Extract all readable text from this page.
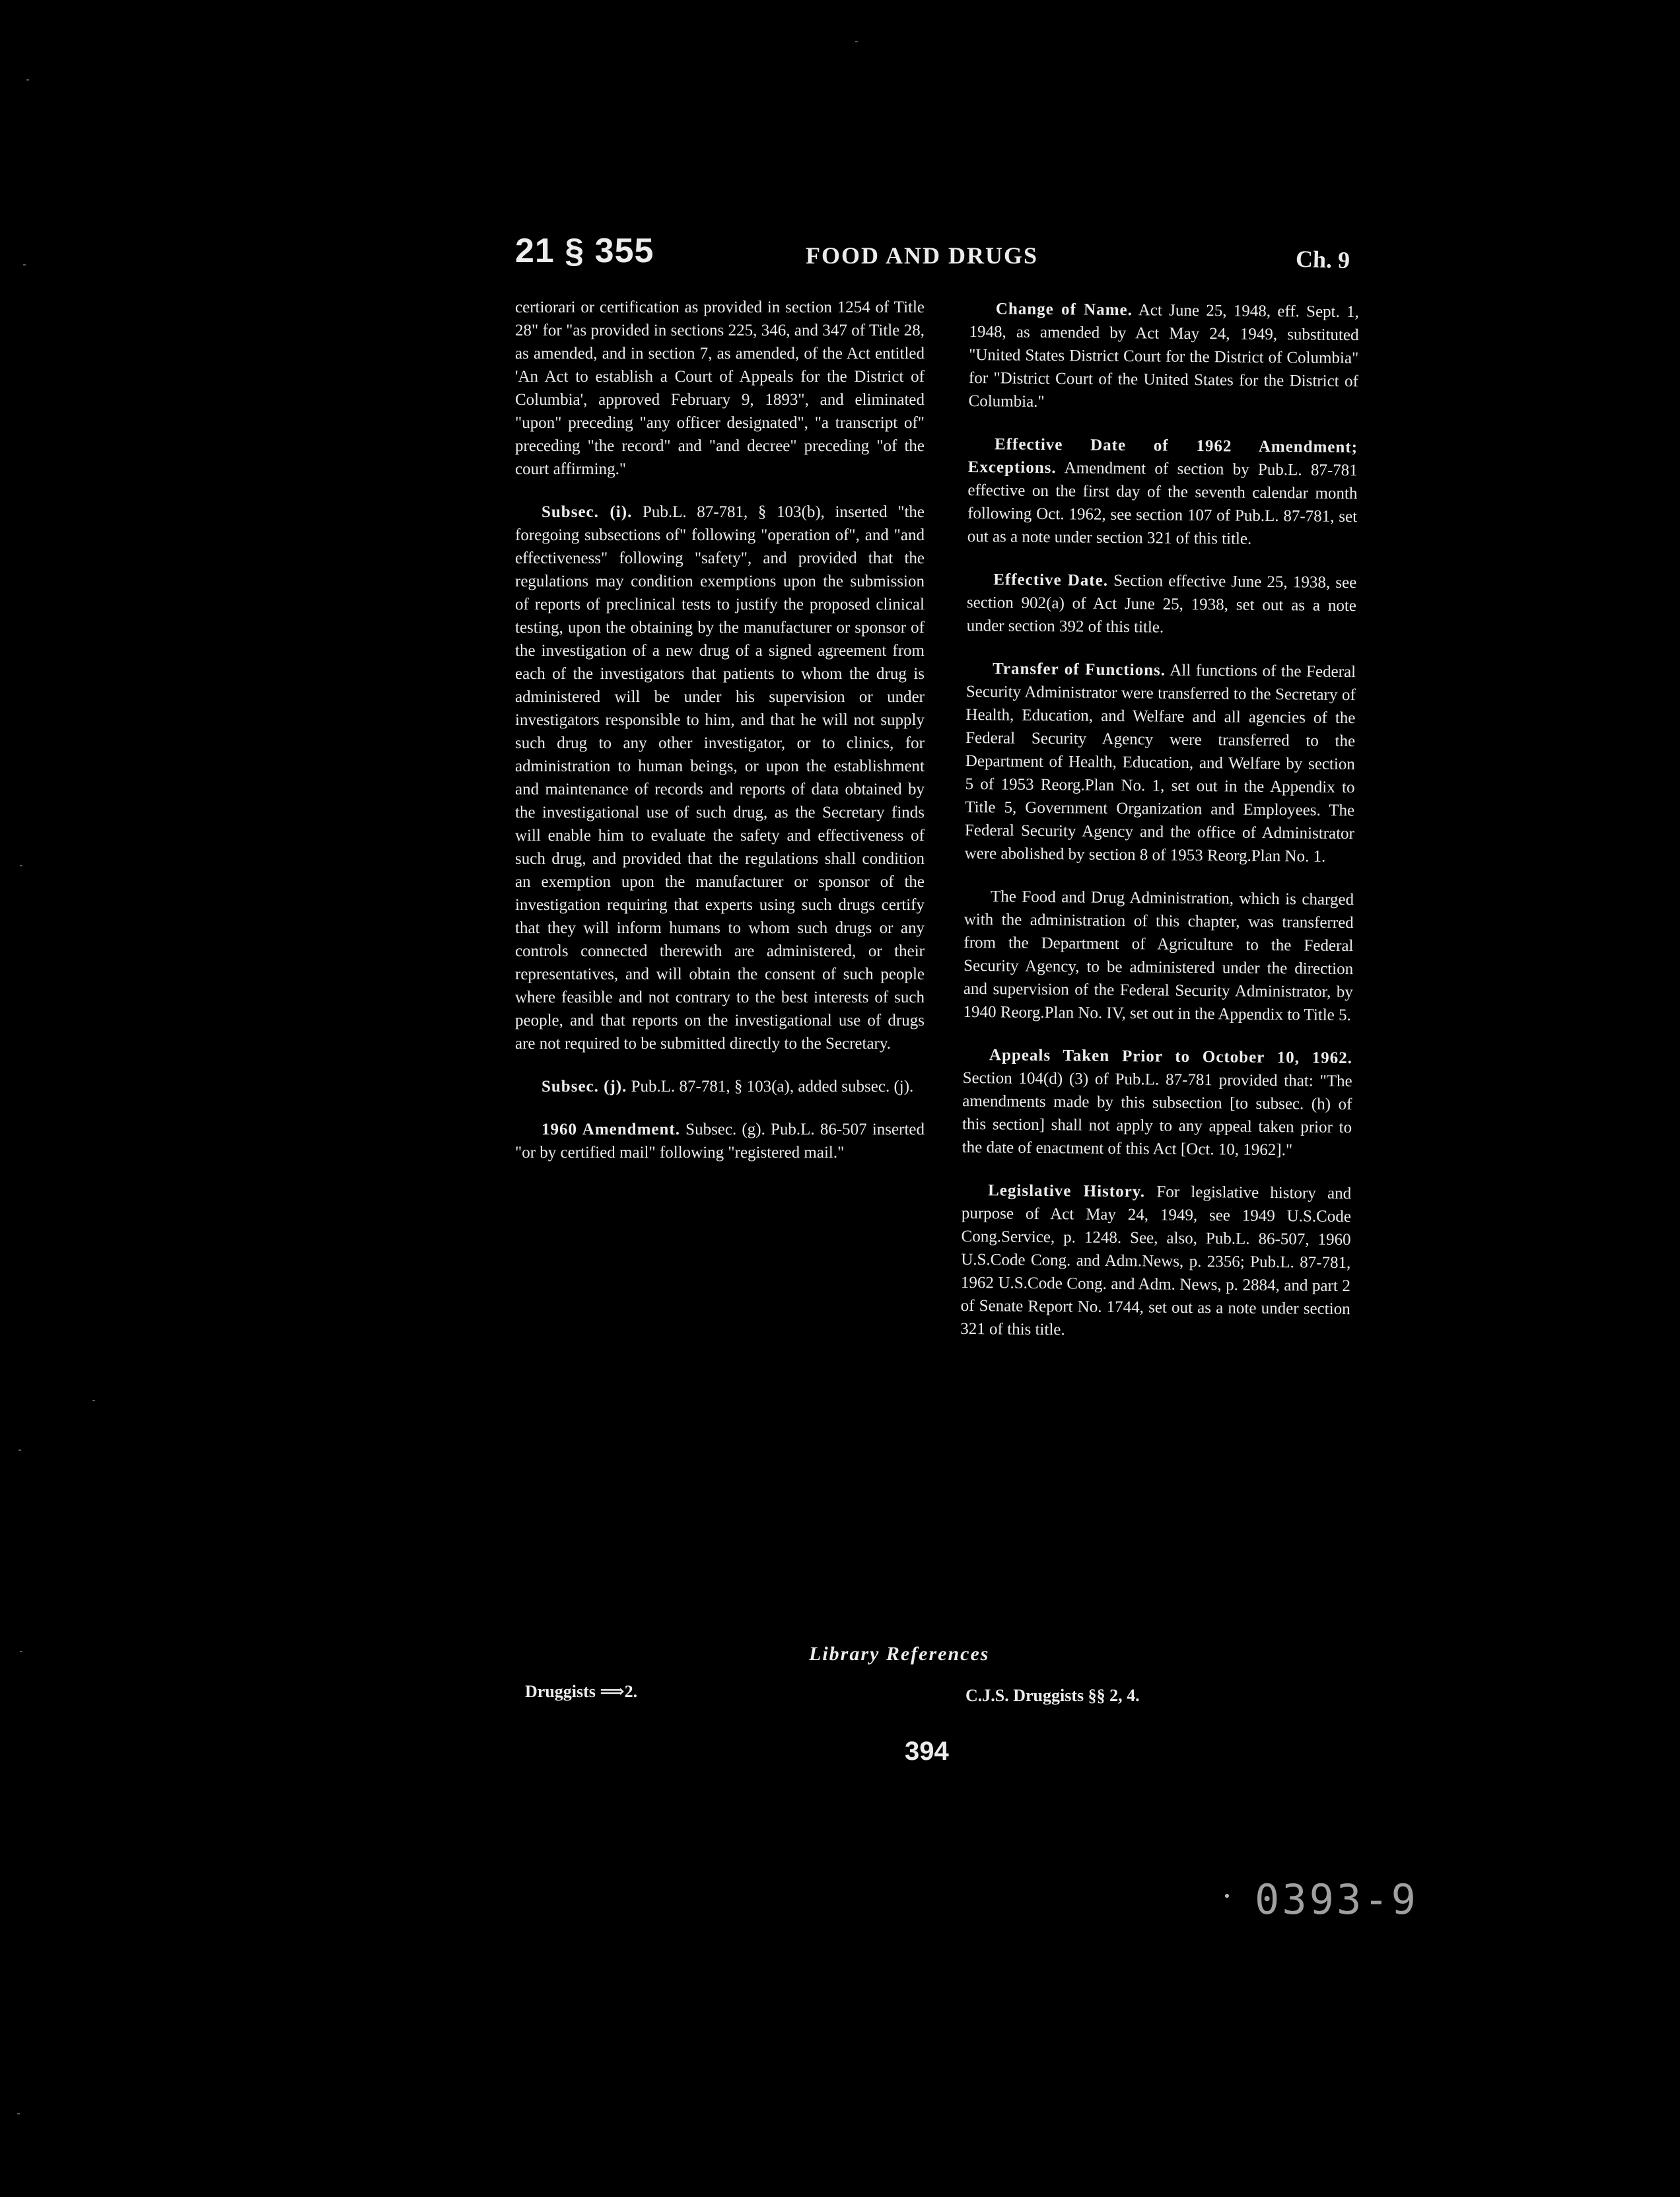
21 § 355	FOOD AND DRUGS	Ch. 9

certiorari or certification as provided in section 1254 of Title 28" for "as provided in sections 225, 346, and 347 of Title 28, as amended, and in section 7, as amended, of the Act entitled 'An Act to establish a Court of Appeals for the District of Columbia', approved February 9, 1893", and eliminated "upon" preceding "any officer designated", "a transcript of" preceding "the record" and "and decree" preceding "of the court affirming."

Subsec. (i). Pub.L. 87-781, § 103(b), inserted "the foregoing subsections of" following "operation of", and "and effectiveness" following "safety", and provided that the regulations may condition exemptions upon the submission of reports of preclinical tests to justify the proposed clinical testing, upon the obtaining by the manufacturer or sponsor of the investigation of a new drug of a signed agreement from each of the investigators that patients to whom the drug is administered will be under his supervision or under investigators responsible to him, and that he will not supply such drug to any other investigator, or to clinics, for administration to human beings, or upon the establishment and maintenance of records and reports of data obtained by the investigational use of such drug, as the Secretary finds will enable him to evaluate the safety and effectiveness of such drug, and provided that the regulations shall condition an exemption upon the manufacturer or sponsor of the investigation requiring that experts using such drugs certify that they will inform humans to whom such drugs or any controls connected therewith are administered, or their representatives, and will obtain the consent of such people where feasible and not contrary to the best interests of such people, and that reports on the investigational use of drugs are not required to be submitted directly to the Secretary.

Subsec. (j). Pub.L. 87-781, § 103(a), added subsec. (j).

1960 Amendment. Subsec. (g). Pub.L. 86-507 inserted "or by certified mail" following "registered mail."

Change of Name. Act June 25, 1948, eff. Sept. 1, 1948, as amended by Act May 24, 1949, substituted "United States District Court for the District of Columbia" for "District Court of the United States for the District of Columbia."

Effective Date of 1962 Amendment; Exceptions. Amendment of section by Pub.L. 87-781 effective on the first day of the seventh calendar month following Oct. 1962, see section 107 of Pub.L. 87-781, set out as a note under section 321 of this title.

Effective Date. Section effective June 25, 1938, see section 902(a) of Act June 25, 1938, set out as a note under section 392 of this title.

Transfer of Functions. All functions of the Federal Security Administrator were transferred to the Secretary of Health, Education, and Welfare and all agencies of the Federal Security Agency were transferred to the Department of Health, Education, and Welfare by section 5 of 1953 Reorg.Plan No. 1, set out in the Appendix to Title 5, Government Organization and Employees. The Federal Security Agency and the office of Administrator were abolished by section 8 of 1953 Reorg.Plan No. 1.

The Food and Drug Administration, which is charged with the administration of this chapter, was transferred from the Department of Agriculture to the Federal Security Agency, to be administered under the direction and supervision of the Federal Security Administrator, by 1940 Reorg.Plan No. IV, set out in the Appendix to Title 5.

Appeals Taken Prior to October 10, 1962. Section 104(d) (3) of Pub.L. 87-781 provided that: "The amendments made by this subsection [to subsec. (h) of this section] shall not apply to any appeal taken prior to the date of enactment of this Act [Oct. 10, 1962]."

Legislative History. For legislative history and purpose of Act May 24, 1949, see 1949 U.S.Code Cong.Service, p. 1248. See, also, Pub.L. 86-507, 1960 U.S.Code Cong. and Adm.News, p. 2356; Pub.L. 87-781, 1962 U.S.Code Cong. and Adm. News, p. 2884, and part 2 of Senate Report No. 1744, set out as a note under section 321 of this title.

Library References
Druggists ⟹2.	C.J.S. Druggists §§ 2, 4.
394
0393-9
